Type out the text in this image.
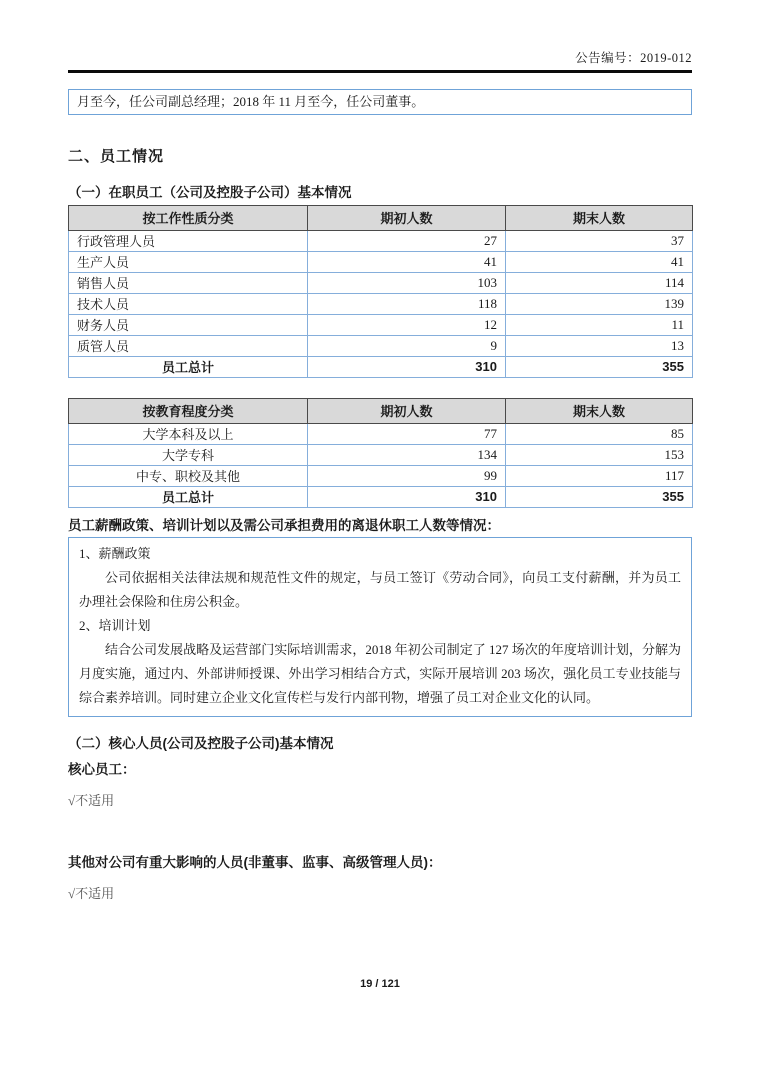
公告编号：2019-012
月至今，任公司副总经理；2018 年 11 月至今，任公司董事。
二、员工情况
（一）在职员工（公司及控股子公司）基本情况
按工作性质分类	期初人数	期末人数
行政管理人员	27	37
生产人员	41	41
销售人员	103	114
技术人员	118	139
财务人员	12	11
质管人员	9	13
员工总计	310	355
按教育程度分类	期初人数	期末人数
大学本科及以上	77	85
大学专科	134	153
中专、职校及其他	99	117
员工总计	310	355
员工薪酬政策、培训计划以及需公司承担费用的离退休职工人数等情况：
1、薪酬政策
公司依据相关法律法规和规范性文件的规定，与员工签订《劳动合同》，向员工支付薪酬，并为员工办理社会保险和住房公积金。
2、培训计划
结合公司发展战略及运营部门实际培训需求，2018 年初公司制定了 127 场次的年度培训计划，分解为月度实施，通过内、外部讲师授课、外出学习相结合方式，实际开展培训 203 场次，强化员工专业技能与综合素养培训。同时建立企业文化宣传栏与发行内部刊物，增强了员工对企业文化的认同。
（二）核心人员(公司及控股子公司)基本情况
核心员工：
√不适用
其他对公司有重大影响的人员(非董事、监事、高级管理人员)：
√不适用
19 / 121
